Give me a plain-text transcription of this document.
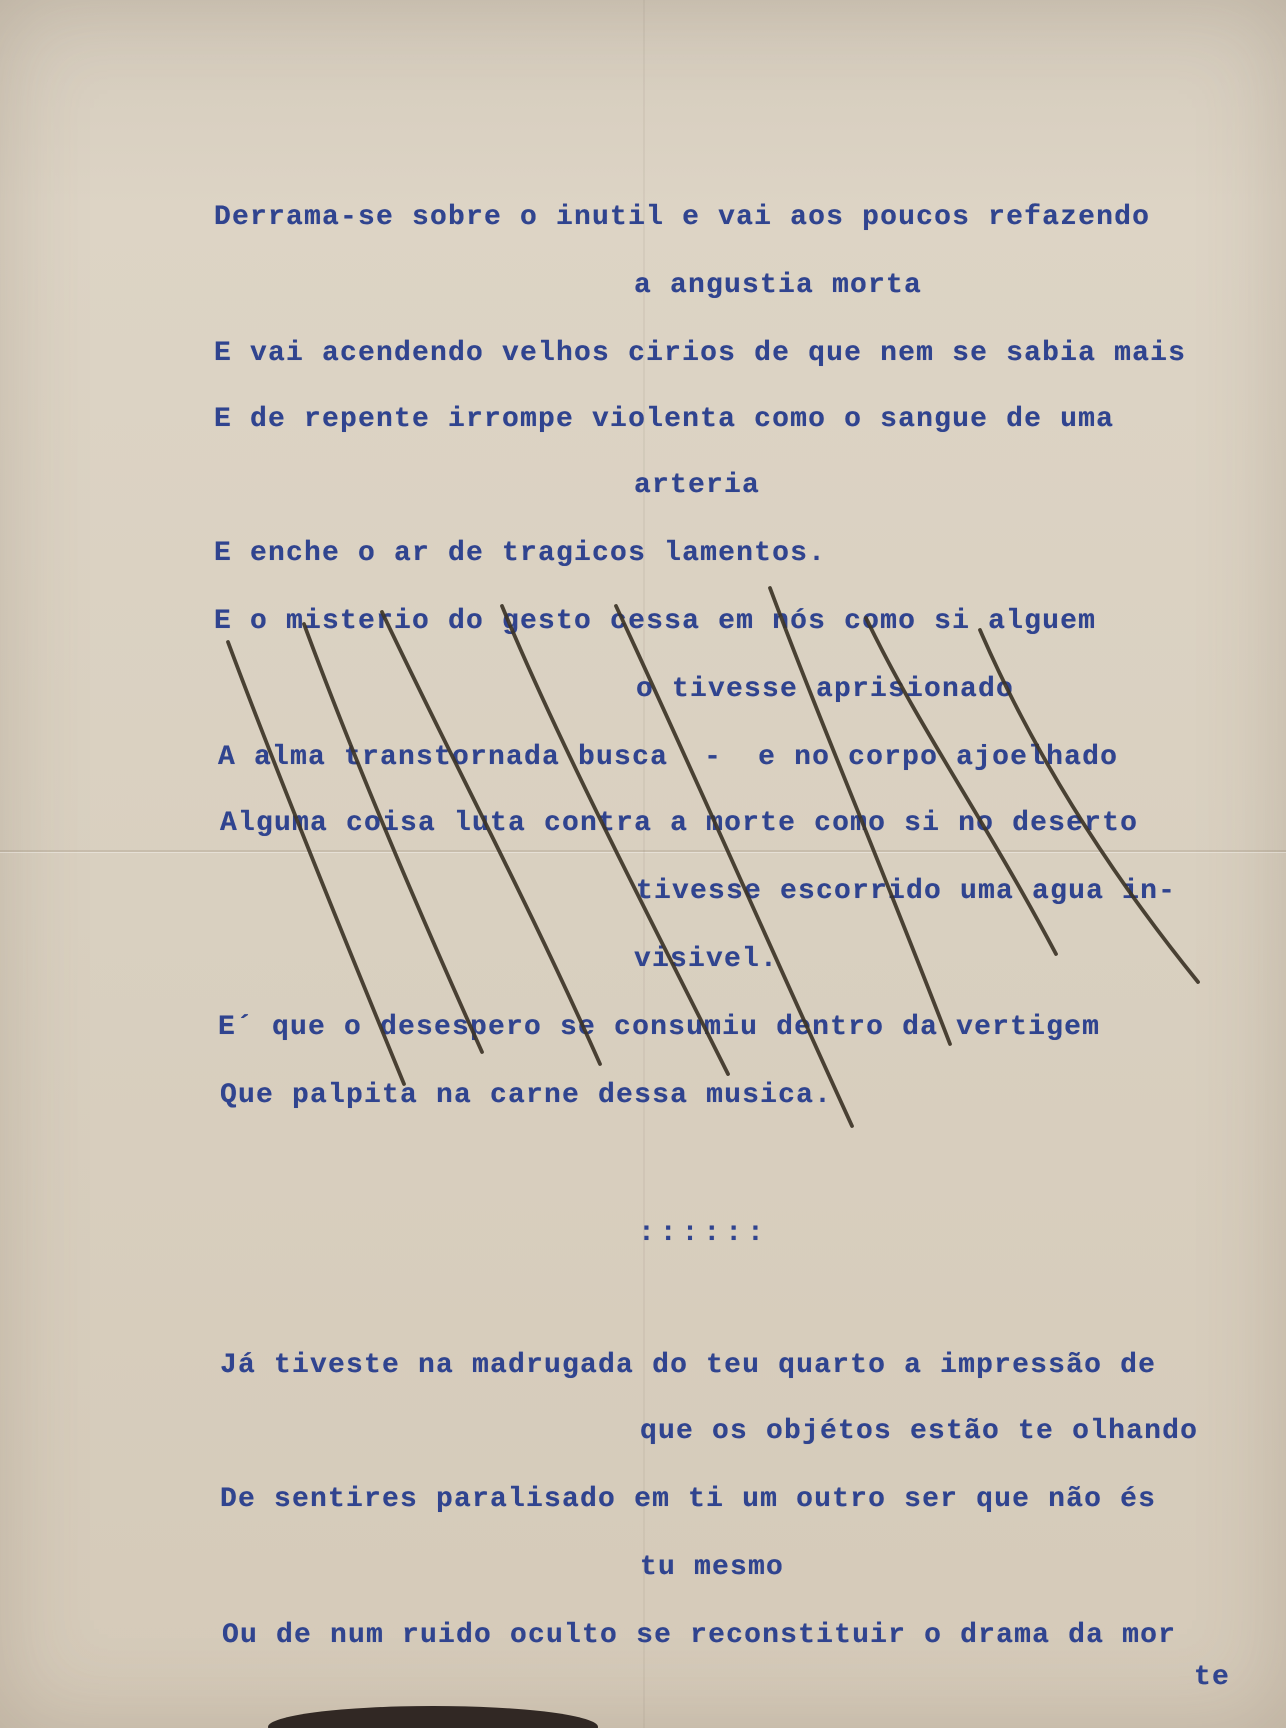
Derrama-se sobre o inutil e vai aos poucos refazendo
a angustia morta
E vai acendendo velhos cirios de que nem se sabia mais
E de repente irrompe violenta como o sangue de uma
arteria
E enche o ar de tragicos lamentos.
E o misterio do gesto cessa em nós como si alguem
o tivesse aprisionado
A alma transtornada busca  -  e no corpo ajoelhado
Alguma coisa luta contra a morte como si no deserto
tivesse escorrido uma agua in-
visivel.
E´ que o desespero se consumiu dentro da vertigem
Que palpita na carne dessa musica.
::::::
Já tiveste na madrugada do teu quarto a impressão de
que os objétos estão te olhando
De sentires paralisado em ti um outro ser que não és
tu mesmo
Ou de num ruido oculto se reconstituir o drama da mor
te
